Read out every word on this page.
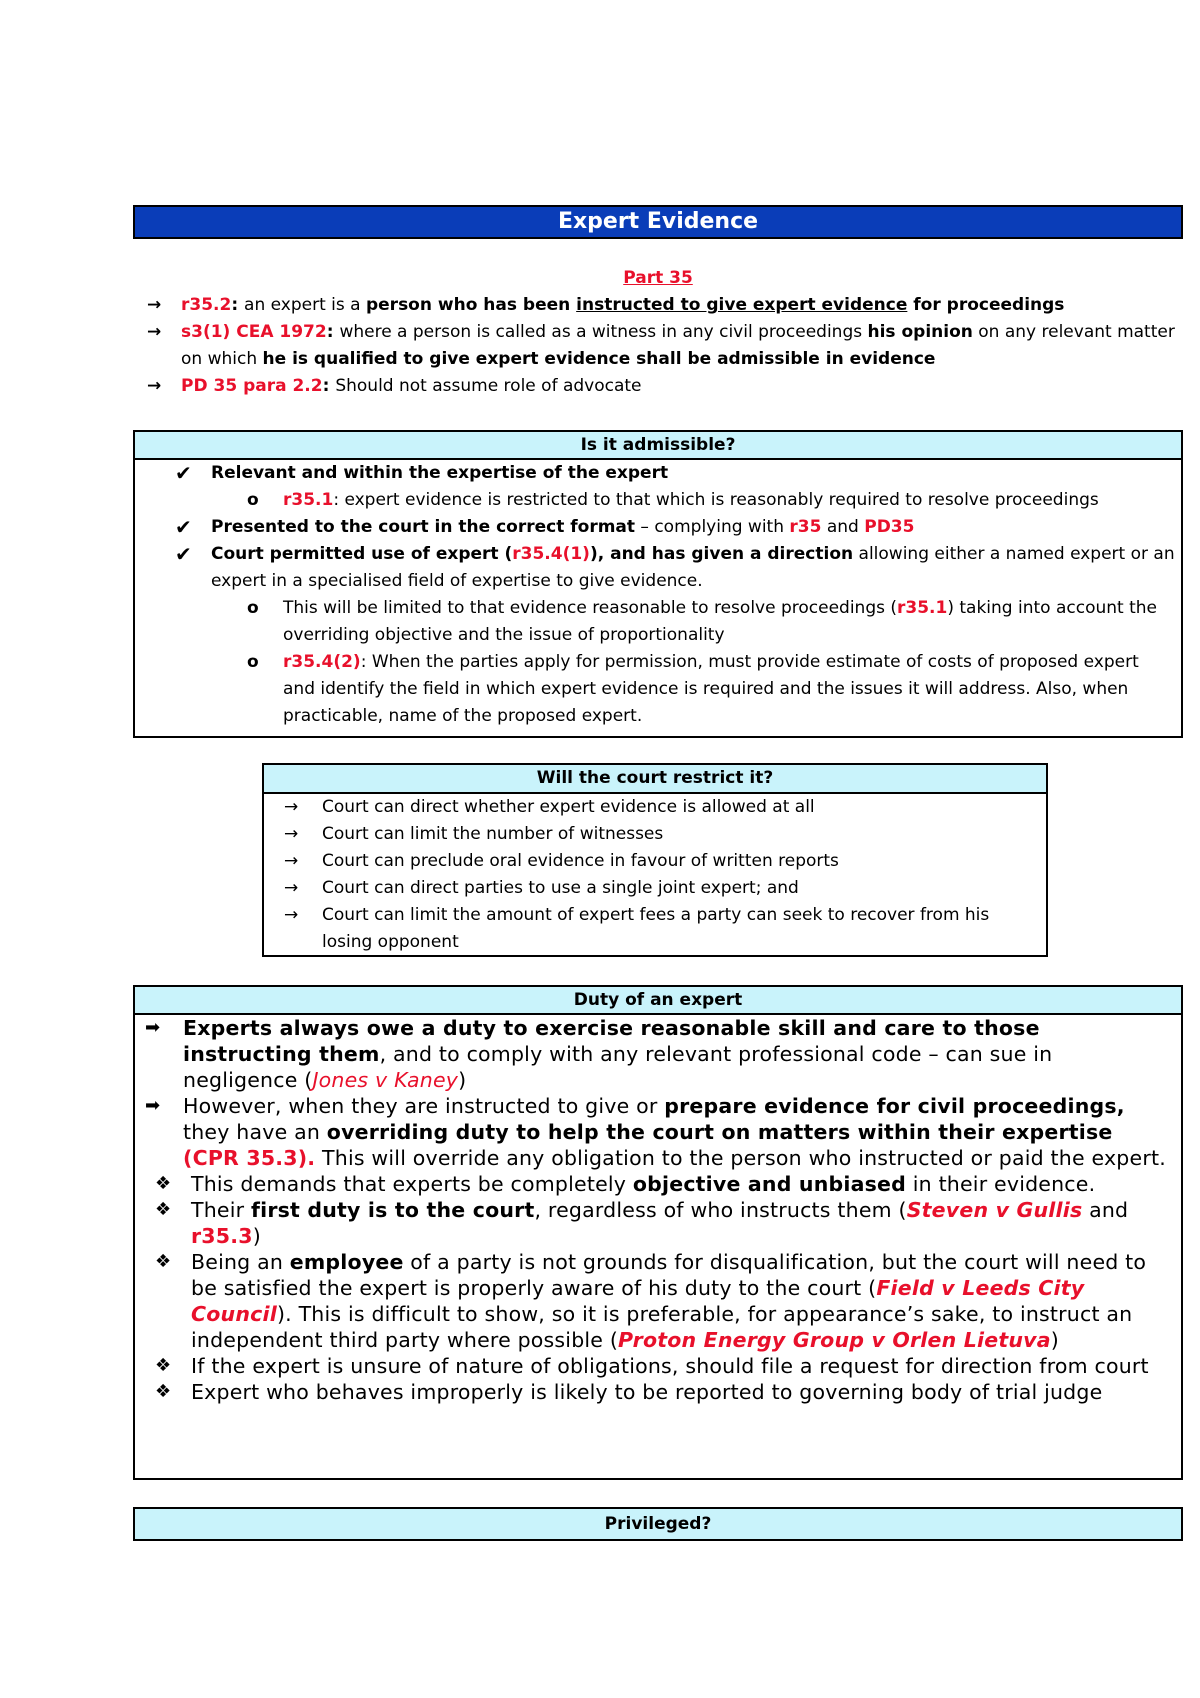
Expert Evidence
Part 35
→ r35.2: an expert is a person who has been instructed to give expert evidence for proceedings
→ s3(1) CEA 1972: where a person is called as a witness in any civil proceedings his opinion on any relevant matter on which he is qualified to give expert evidence shall be admissible in evidence
→ PD 35 para 2.2: Should not assume role of advocate
Is it admissible?
✔ Relevant and within the expertise of the expert
o r35.1: expert evidence is restricted to that which is reasonably required to resolve proceedings
✔ Presented to the court in the correct format – complying with r35 and PD35
✔ Court permitted use of expert (r35.4(1)), and has given a direction allowing either a named expert or an expert in a specialised field of expertise to give evidence.
o This will be limited to that evidence reasonable to resolve proceedings (r35.1) taking into account the overriding objective and the issue of proportionality
o r35.4(2): When the parties apply for permission, must provide estimate of costs of proposed expert and identify the field in which expert evidence is required and the issues it will address. Also, when practicable, name of the proposed expert.
Will the court restrict it?
→ Court can direct whether expert evidence is allowed at all
→ Court can limit the number of witnesses
→ Court can preclude oral evidence in favour of written reports
→ Court can direct parties to use a single joint expert; and
→ Court can limit the amount of expert fees a party can seek to recover from his losing opponent
Duty of an expert
➡ Experts always owe a duty to exercise reasonable skill and care to those instructing them, and to comply with any relevant professional code – can sue in negligence (Jones v Kaney)
➡ However, when they are instructed to give or prepare evidence for civil proceedings, they have an overriding duty to help the court on matters within their expertise (CPR 35.3). This will override any obligation to the person who instructed or paid the expert.
❖ This demands that experts be completely objective and unbiased in their evidence.
❖ Their first duty is to the court, regardless of who instructs them (Steven v Gullis and r35.3)
❖ Being an employee of a party is not grounds for disqualification, but the court will need to be satisfied the expert is properly aware of his duty to the court (Field v Leeds City Council). This is difficult to show, so it is preferable, for appearance’s sake, to instruct an independent third party where possible (Proton Energy Group v Orlen Lietuva)
❖ If the expert is unsure of nature of obligations, should file a request for direction from court
❖ Expert who behaves improperly is likely to be reported to governing body of trial judge
Privileged?
